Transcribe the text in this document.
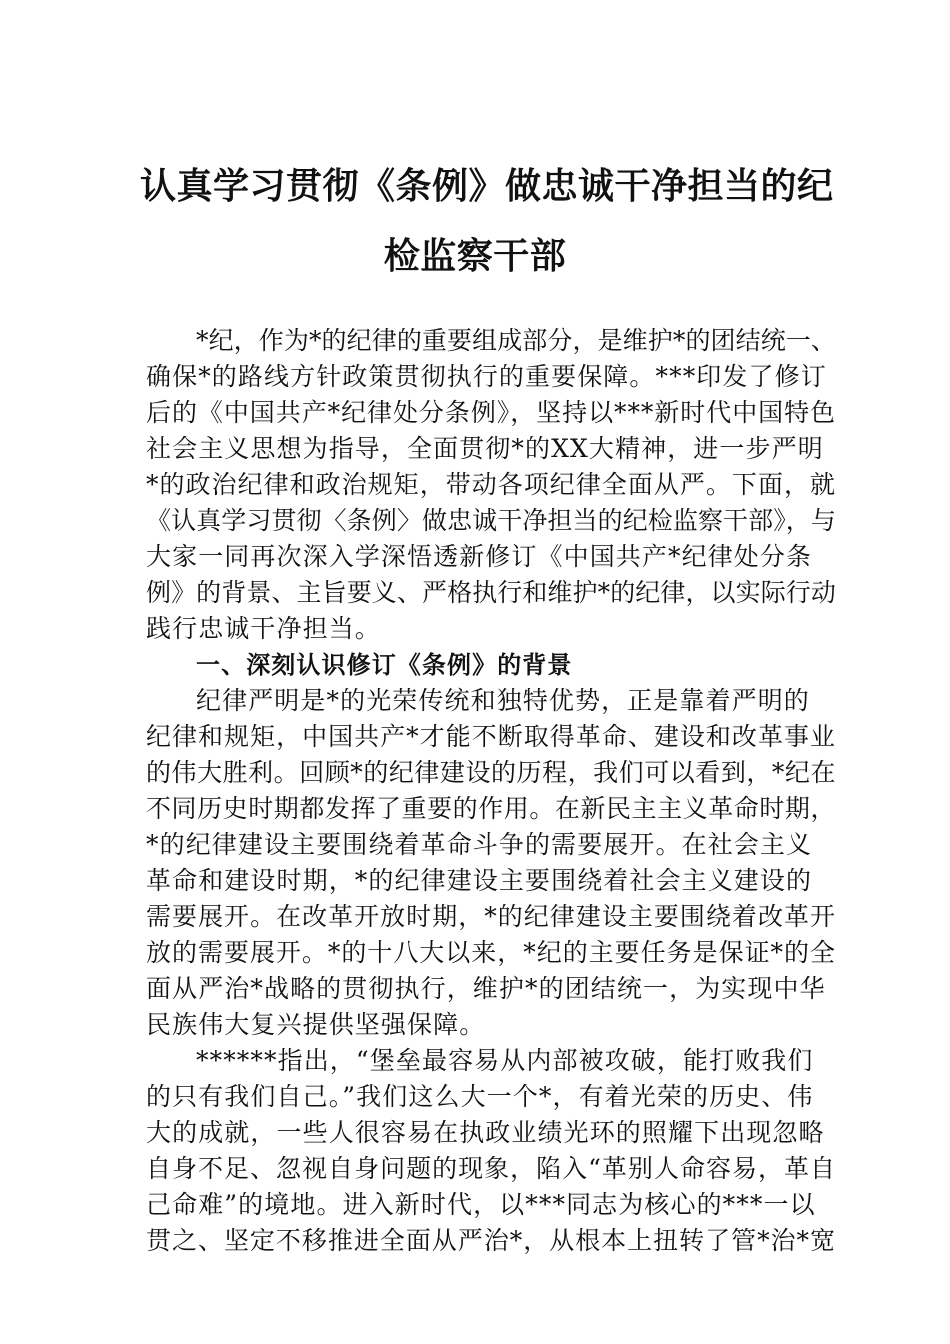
认真学习贯彻《条例》做忠诚干净担当的纪
检监察干部
*纪，作为*的纪律的重要组成部分，是维护*的团结统一、
确保*的路线方针政策贯彻执行的重要保障。***印发了修订
后的《中国共产*纪律处分条例》，坚持以***新时代中国特色
社会主义思想为指导，全面贯彻*的XX大精神，进一步严明
*的政治纪律和政治规矩，带动各项纪律全面从严。下面，就
《认真学习贯彻〈条例〉做忠诚干净担当的纪检监察干部》，与
大家一同再次深入学深悟透新修订《中国共产*纪律处分条
例》的背景、主旨要义、严格执行和维护*的纪律，以实际行动
践行忠诚干净担当。
一、深刻认识修订《条例》的背景
纪律严明是*的光荣传统和独特优势，正是靠着严明的
纪律和规矩，中国共产*才能不断取得革命、建设和改革事业
的伟大胜利。回顾*的纪律建设的历程，我们可以看到，*纪在
不同历史时期都发挥了重要的作用。在新民主主义革命时期，
*的纪律建设主要围绕着革命斗争的需要展开。在社会主义
革命和建设时期，*的纪律建设主要围绕着社会主义建设的
需要展开。在改革开放时期，*的纪律建设主要围绕着改革开
放的需要展开。*的十八大以来，*纪的主要任务是保证*的全
面从严治*战略的贯彻执行，维护*的团结统一，为实现中华
民族伟大复兴提供坚强保障。
******指出，“堡垒最容易从内部被攻破，能打败我们
的只有我们自己。”我们这么大一个*，有着光荣的历史、伟
大的成就，一些人很容易在执政业绩光环的照耀下出现忽略
自身不足、忽视自身问题的现象，陷入“革别人命容易，革自
己命难”的境地。进入新时代，以***同志为核心的***一以
贯之、坚定不移推进全面从严治*，从根本上扭转了管*治*宽
